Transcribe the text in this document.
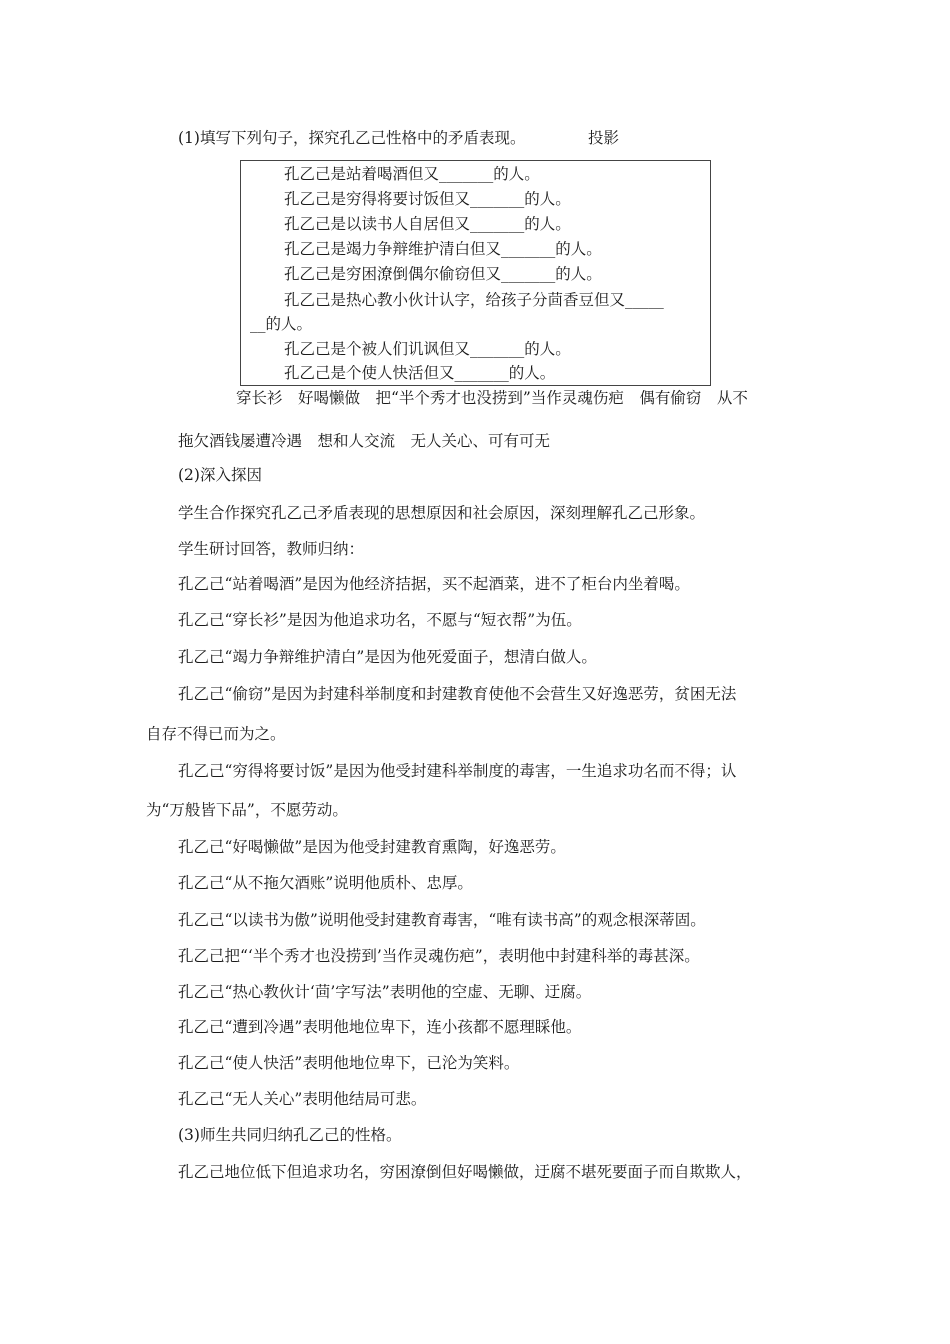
(1)填写下列句子，探究孔乙己性格中的矛盾表现。	投影
孔乙己是站着喝酒但又_______的人。
孔乙己是穷得将要讨饭但又_______的人。
孔乙己是以读书人自居但又_______的人。
孔乙己是竭力争辩维护清白但又_______的人。
孔乙己是穷困潦倒偶尔偷窃但又_______的人。
孔乙己是热心教小伙计认字，给孩子分茴香豆但又_____
__的人。
孔乙己是个被人们讥讽但又_______的人。
孔乙己是个使人快活但又_______的人。
穿长衫　好喝懒做　把“半个秀才也没捞到”当作灵魂伤疤　偶有偷窃　从不
拖欠酒钱屡遭冷遇　想和人交流　无人关心、可有可无
(2)深入探因
学生合作探究孔乙己矛盾表现的思想原因和社会原因，深刻理解孔乙己形象。
学生研讨回答，教师归纳：
孔乙己“站着喝酒”是因为他经济拮据，买不起酒菜，进不了柜台内坐着喝。
孔乙己“穿长衫”是因为他追求功名，不愿与“短衣帮”为伍。
孔乙己“竭力争辩维护清白”是因为他死爱面子，想清白做人。
孔乙己“偷窃”是因为封建科举制度和封建教育使他不会营生又好逸恶劳，贫困无法
自存不得已而为之。
孔乙己“穷得将要讨饭”是因为他受封建科举制度的毒害，一生追求功名而不得；认
为“万般皆下品”，不愿劳动。
孔乙己“好喝懒做”是因为他受封建教育熏陶，好逸恶劳。
孔乙己“从不拖欠酒账”说明他质朴、忠厚。
孔乙己“以读书为傲”说明他受封建教育毒害，“唯有读书高”的观念根深蒂固。
孔乙己把“‘半个秀才也没捞到’当作灵魂伤疤”，表明他中封建科举的毒甚深。
孔乙己“热心教伙计‘茴’字写法”表明他的空虚、无聊、迂腐。
孔乙己“遭到冷遇”表明他地位卑下，连小孩都不愿理睬他。
孔乙己“使人快活”表明他地位卑下，已沦为笑料。
孔乙己“无人关心”表明他结局可悲。
(3)师生共同归纳孔乙己的性格。
孔乙己地位低下但追求功名，穷困潦倒但好喝懒做，迂腐不堪死要面子而自欺欺人，
